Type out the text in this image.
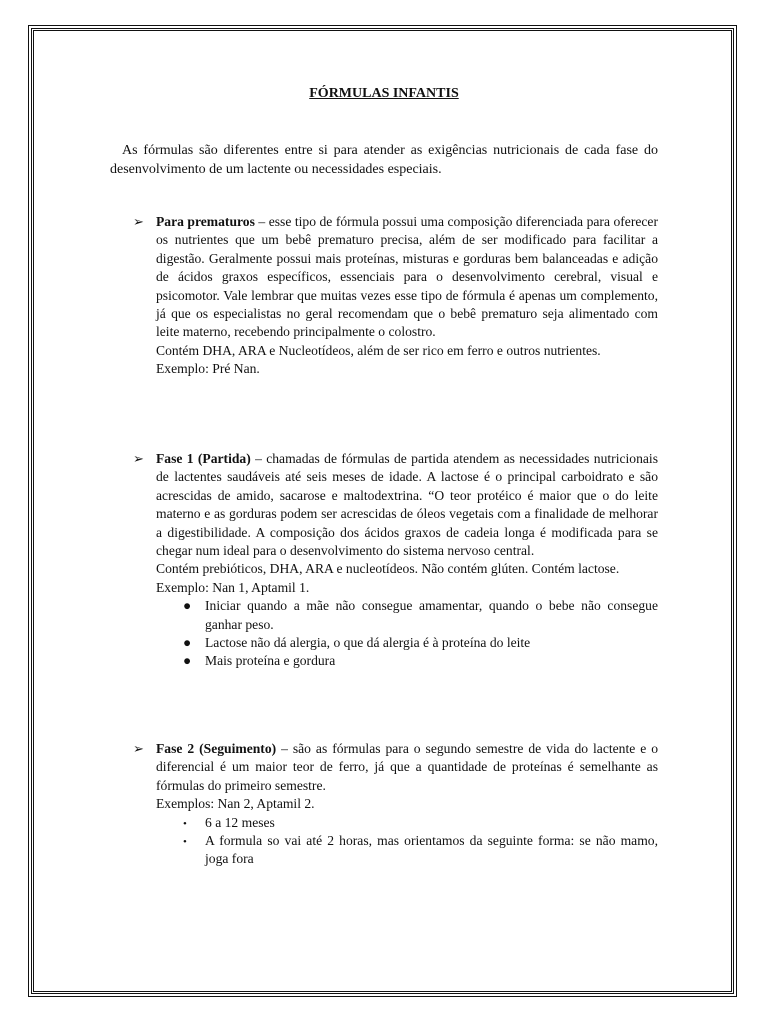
FÓRMULAS INFANTIS

As fórmulas são diferentes entre si para atender as exigências nutricionais de cada fase do desenvolvimento de um lactente ou necessidades especiais.

➢ Para prematuros – esse tipo de fórmula possui uma composição diferenciada para oferecer os nutrientes que um bebê prematuro precisa, além de ser modificado para facilitar a digestão. Geralmente possui mais proteínas, misturas e gorduras bem balanceadas e adição de ácidos graxos específicos, essenciais para o desenvolvimento cerebral, visual e psicomotor. Vale lembrar que muitas vezes esse tipo de fórmula é apenas um complemento, já que os especialistas no geral recomendam que o bebê prematuro seja alimentado com leite materno, recebendo principalmente o colostro.

Contém DHA, ARA e Nucleotídeos, além de ser rico em ferro e outros nutrientes.

Exemplo: Pré Nan.

➢ Fase 1 (Partida) – chamadas de fórmulas de partida atendem as necessidades nutricionais de lactentes saudáveis até seis meses de idade. A lactose é o principal carboidrato e são acrescidas de amido, sacarose e maltodextrina. “O teor protéico é maior que o do leite materno e as gorduras podem ser acrescidas de óleos vegetais com a finalidade de melhorar a digestibilidade. A composição dos ácidos graxos de cadeia longa é modificada para se chegar num ideal para o desenvolvimento do sistema nervoso central.

Contém prebióticos, DHA, ARA e nucleotídeos. Não contém glúten. Contém lactose.

Exemplo: Nan 1, Aptamil 1.

● Iniciar quando a mãe não consegue amamentar, quando o bebe não consegue ganhar peso.
● Lactose não dá alergia, o que dá alergia é à proteína do leite
● Mais proteína e gordura
➢ Fase 2 (Seguimento) – são as fórmulas para o segundo semestre de vida do lactente e o diferencial é um maior teor de ferro, já que a quantidade de proteínas é semelhante as fórmulas do primeiro semestre.

Exemplos: Nan 2, Aptamil 2.

• 6 a 12 meses
• A formula so vai até 2 horas, mas orientamos da seguinte forma: se não mamo, joga fora
